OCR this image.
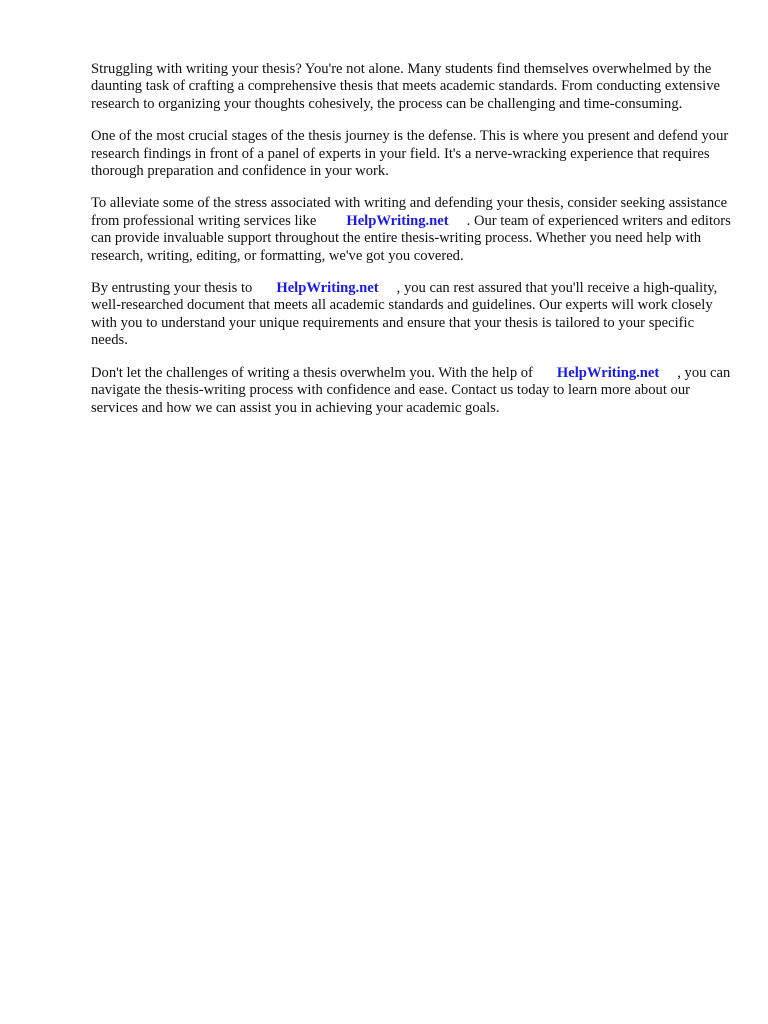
Struggling with writing your thesis? You're not alone. Many students find themselves overwhelmed by the daunting task of crafting a comprehensive thesis that meets academic standards. From conducting extensive research to organizing your thoughts cohesively, the process can be challenging and time-consuming.

One of the most crucial stages of the thesis journey is the defense. This is where you present and defend your research findings in front of a panel of experts in your field. It's a nerve-wracking experience that requires thorough preparation and confidence in your work.

To alleviate some of the stress associated with writing and defending your thesis, consider seeking assistance from professional writing services like HelpWriting.net . Our team of experienced writers and editors can provide invaluable support throughout the entire thesis-writing process. Whether you need help with research, writing, editing, or formatting, we've got you covered.

By entrusting your thesis to HelpWriting.net , you can rest assured that you'll receive a high-quality, well-researched document that meets all academic standards and guidelines. Our experts will work closely with you to understand your unique requirements and ensure that your thesis is tailored to your specific needs.

Don't let the challenges of writing a thesis overwhelm you. With the help of HelpWriting.net , you can navigate the thesis-writing process with confidence and ease. Contact us today to learn more about our services and how we can assist you in achieving your academic goals.
